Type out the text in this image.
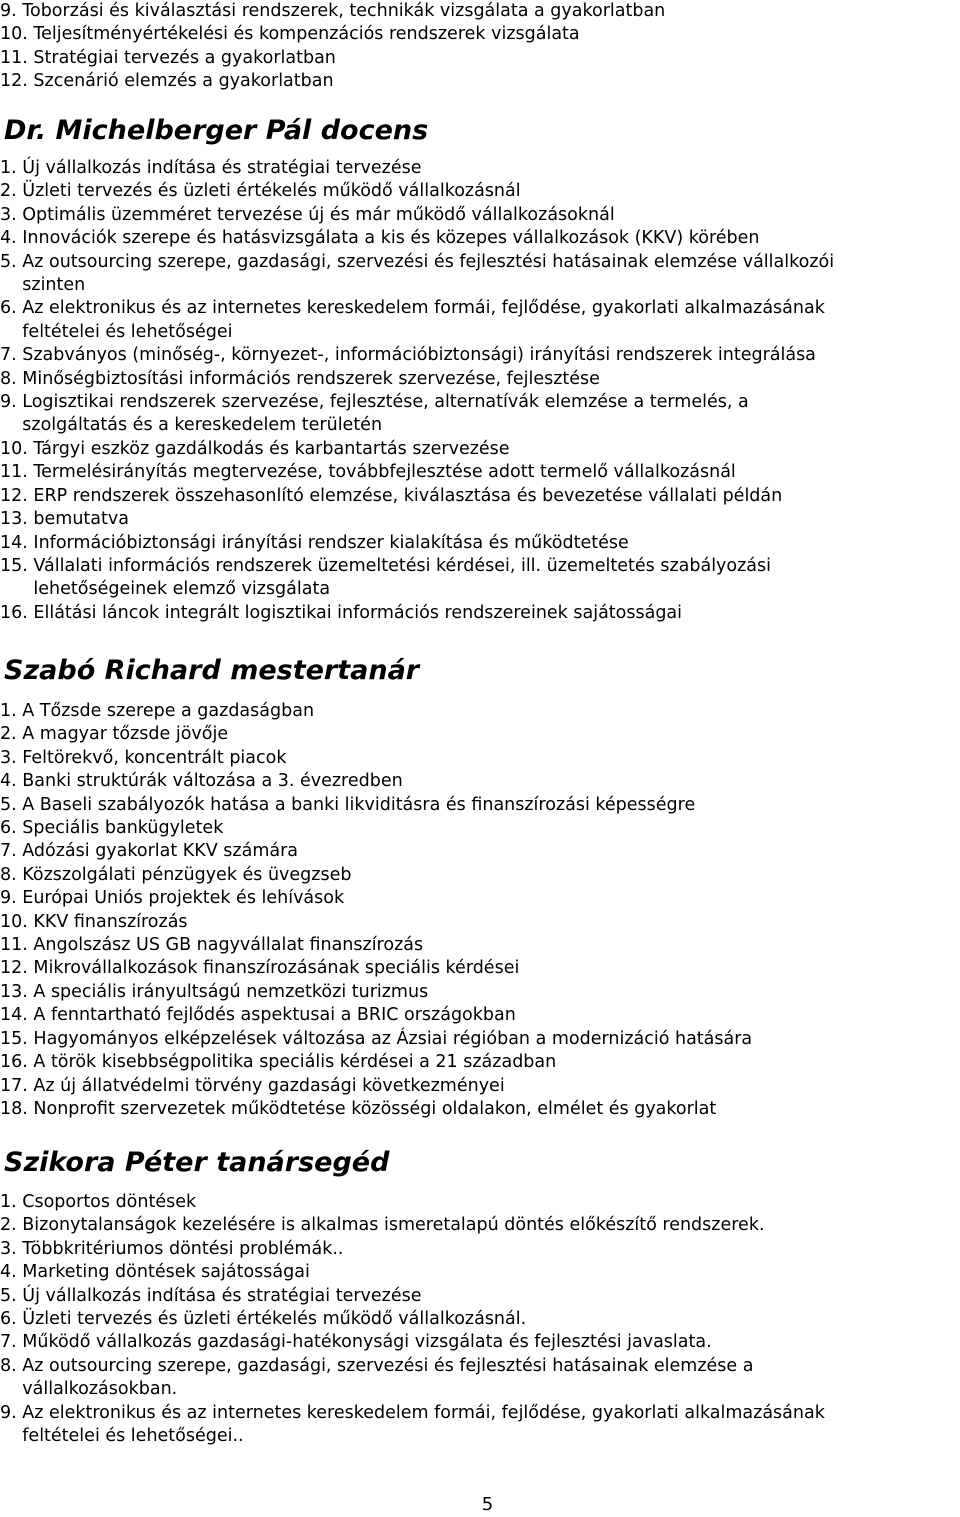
9. Toborzási és kiválasztási rendszerek, technikák vizsgálata a gyakorlatban
10. Teljesítményértékelési és kompenzációs rendszerek vizsgálata
11. Stratégiai tervezés a gyakorlatban
12. Szcenárió elemzés a gyakorlatban
Dr. Michelberger Pál docens
1. Új vállalkozás indítása és stratégiai tervezése
2. Üzleti tervezés és üzleti értékelés működő vállalkozásnál
3. Optimális üzemméret tervezése új és már működő vállalkozásoknál
4. Innovációk szerepe és hatásvizsgálata a kis és közepes vállalkozások (KKV) körében
5. Az outsourcing szerepe, gazdasági, szervezési és fejlesztési hatásainak elemzése vállalkozói
szinten
6. Az elektronikus és az internetes kereskedelem formái, fejlődése, gyakorlati alkalmazásának
feltételei és lehetőségei
7. Szabványos (minőség-, környezet-, információbiztonsági) irányítási rendszerek integrálása
8. Minőségbiztosítási információs rendszerek szervezése, fejlesztése
9. Logisztikai rendszerek szervezése, fejlesztése, alternatívák elemzése a termelés, a
szolgáltatás és a kereskedelem területén
10. Tárgyi eszköz gazdálkodás és karbantartás szervezése
11. Termelésirányítás megtervezése, továbbfejlesztése adott termelő vállalkozásnál
12. ERP rendszerek összehasonlító elemzése, kiválasztása és bevezetése vállalati példán
13. bemutatva
14. Információbiztonsági irányítási rendszer kialakítása és működtetése
15. Vállalati információs rendszerek üzemeltetési kérdései, ill. üzemeltetés szabályozási
lehetőségeinek elemző vizsgálata
16. Ellátási láncok integrált logisztikai információs rendszereinek sajátosságai
Szabó Richard mestertanár
1. A Tőzsde szerepe a gazdaságban
2. A magyar tőzsde jövője
3. Feltörekvő, koncentrált piacok
4. Banki struktúrák változása a 3. évezredben
5. A Baseli szabályozók hatása a banki likviditásra és finanszírozási képességre
6. Speciális bankügyletek
7. Adózási gyakorlat KKV számára
8. Közszolgálati pénzügyek és üvegzseb
9. Európai Uniós projektek és lehívások
10. KKV finanszírozás
11. Angolszász US GB nagyvállalat finanszírozás
12. Mikrovállalkozások finanszírozásának speciális kérdései
13. A speciális irányultságú nemzetközi turizmus
14. A fenntartható fejlődés aspektusai a BRIC országokban
15. Hagyományos elképzelések változása az Ázsiai régióban a modernizáció hatására
16. A török kisebbségpolitika speciális kérdései a 21 században
17. Az új állatvédelmi törvény gazdasági következményei
18. Nonprofit szervezetek működtetése közösségi oldalakon, elmélet és gyakorlat
Szikora Péter tanársegéd
1. Csoportos döntések
2. Bizonytalanságok kezelésére is alkalmas ismeretalapú döntés előkészítő rendszerek.
3. Többkritériumos döntési problémák..
4. Marketing döntések sajátosságai
5. Új vállalkozás indítása és stratégiai tervezése
6. Üzleti tervezés és üzleti értékelés működő vállalkozásnál.
7. Működő vállalkozás gazdasági-hatékonysági vizsgálata és fejlesztési javaslata.
8. Az outsourcing szerepe, gazdasági, szervezési és fejlesztési hatásainak elemzése a
vállalkozásokban.
9. Az elektronikus és az internetes kereskedelem formái, fejlődése, gyakorlati alkalmazásának
feltételei és lehetőségei..
5
